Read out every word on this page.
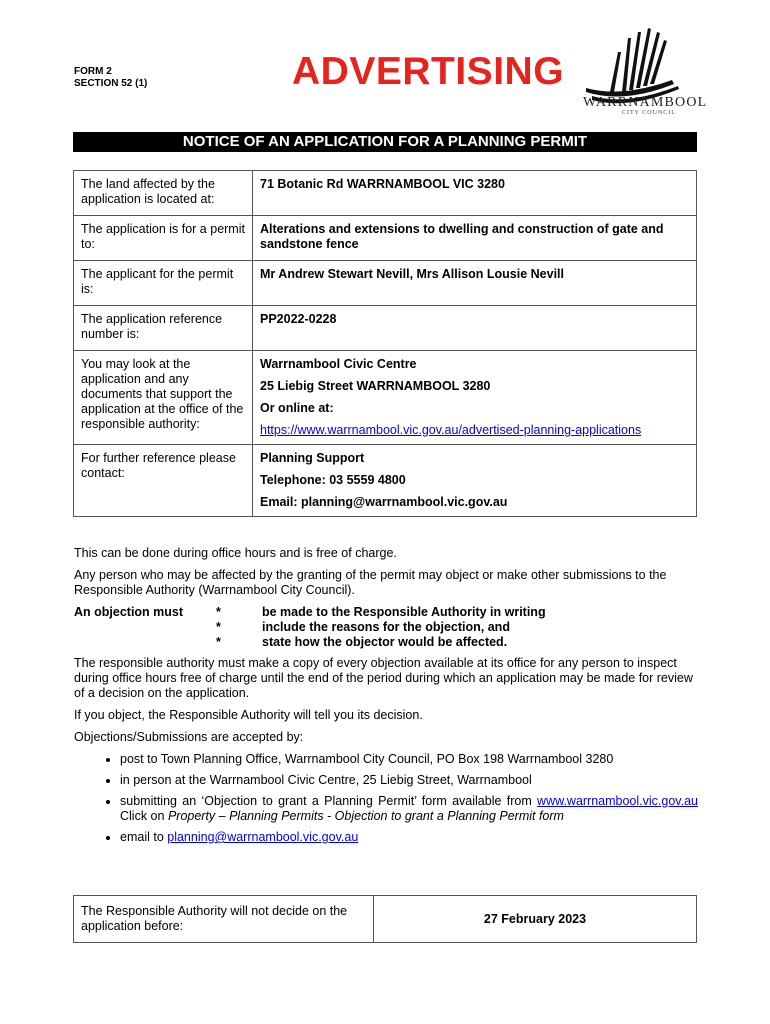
FORM 2
SECTION 52 (1)	ADVERTISING
WARRNAMBOOL
CITY COUNCIL
NOTICE OF AN APPLICATION FOR A PLANNING PERMIT
The land affected by the application is located at:	71 Botanic Rd WARRNAMBOOL VIC 3280
The application is for a permit to:	Alterations and extensions to dwelling and construction of gate and sandstone fence
The applicant for the permit is:	Mr Andrew Stewart Nevill, Mrs Allison Lousie Nevill
The application reference number is:	PP2022-0228
You may look at the application and any documents that support the application at the office of the responsible authority:	Warrnambool Civic Centre

25 Liebig Street WARRNAMBOOL 3280

Or online at:

https://www.warrnambool.vic.gov.au/advertised-planning-applications

For further reference please contact:	Planning Support

Telephone: 03 5559 4800

Email: planning@warrnambool.vic.gov.au

This can be done during office hours and is free of charge.

Any person who may be affected by the granting of the permit may object or make other submissions to the Responsible Authority (Warrnambool City Council).

An objection must	*	be made to the Responsible Authority in writing
*	include the reasons for the objection, and
*	state how the objector would be affected.

The responsible authority must make a copy of every objection available at its office for any person to inspect during office hours free of charge until the end of the period during which an application may be made for review of a decision on the application.

If you object, the Responsible Authority will tell you its decision.

Objections/Submissions are accepted by:

• post to Town Planning Office, Warrnambool City Council, PO Box 198 Warrnambool 3280
• in person at the Warrnambool Civic Centre, 25 Liebig Street, Warrnambool
• submitting an ‘Objection to grant a Planning Permit’ form available from www.warrnambool.vic.gov.au Click on Property – Planning Permits - Objection to grant a Planning Permit form
• email to planning@warrnambool.vic.gov.au
The Responsible Authority will not decide on the application before:	27 February 2023
